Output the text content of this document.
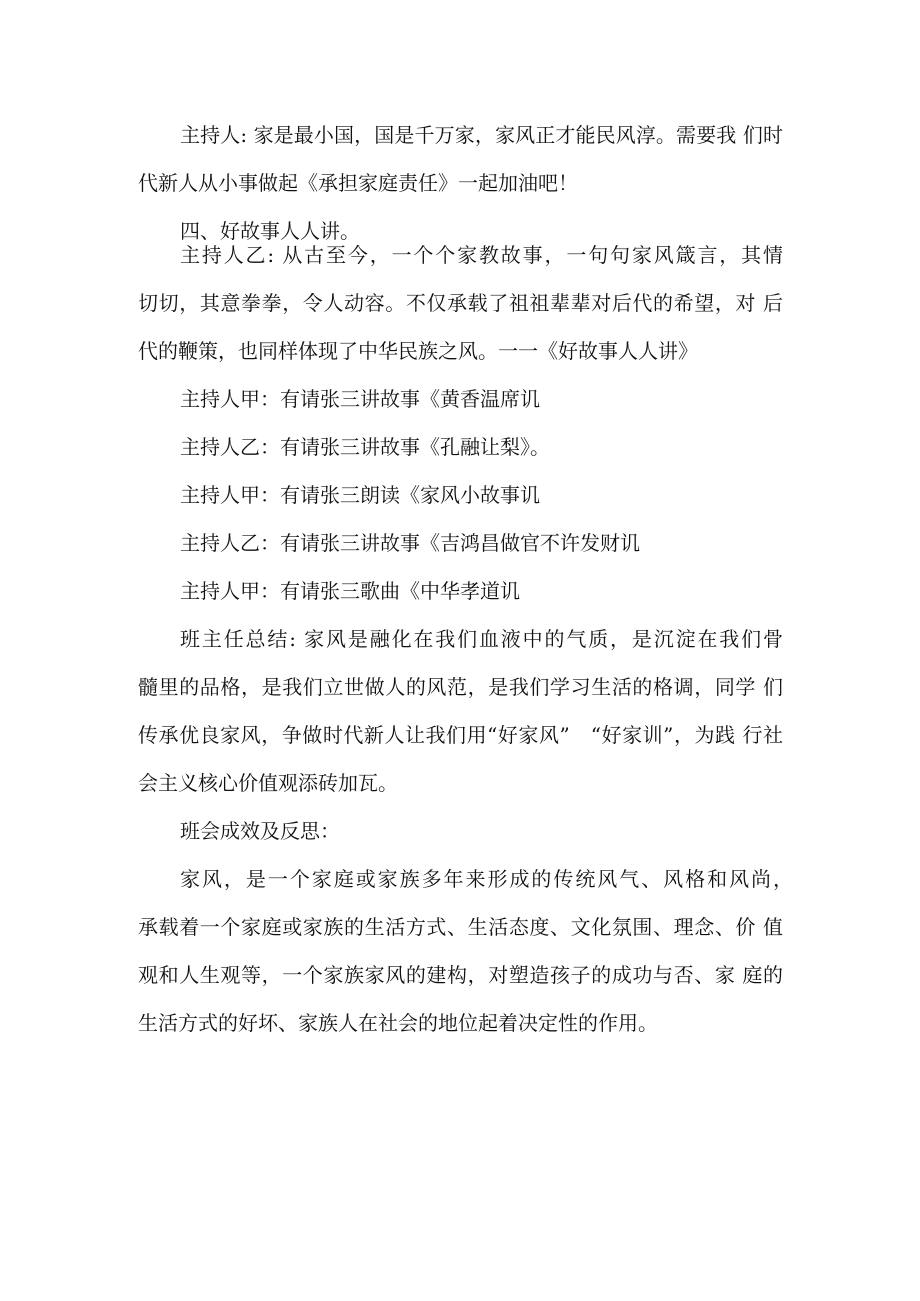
主持人: 家是最小国，国是千万家，家风正才能民风淳。需要我 们时代新人从小事做起《承担家庭责任》一起加油吧！

四、好故事人人讲。

主持人乙: 从古至今，一个个家教故事，一句句家风箴言，其情　　切切，其意拳拳，令人动容。不仅承载了祖祖辈辈对后代的希望，对 后代的鞭策，也同样体现了中华民族之风。一一《好故事人人讲》

主持人甲：有请张三讲故事《黄香温席讥

主持人乙：有请张三讲故事《孔融让梨》。

主持人甲：有请张三朗读《家风小故事讥

主持人乙：有请张三讲故事《吉鸿昌做官不许发财讥

主持人甲：有请张三歌曲《中华孝道讥

班主任总结: 家风是融化在我们血液中的气质，是沉淀在我们骨　　髓里的品格，是我们立世做人的风范，是我们学习生活的格调，同学 们传承优良家风，争做时代新人让我们用“好家风”　“好家训”，为践 行社会主义核心价值观添砖加瓦。

班会成效及反思：

家风，是一个家庭或家族多年来形成的传统风气、风格和风尚，　　承载着一个家庭或家族的生活方式、生活态度、文化氛围、理念、价 值观和人生观等，一个家族家风的建构，对塑造孩子的成功与否、家 庭的生活方式的好坏、家族人在社会的地位起着决定性的作用。
